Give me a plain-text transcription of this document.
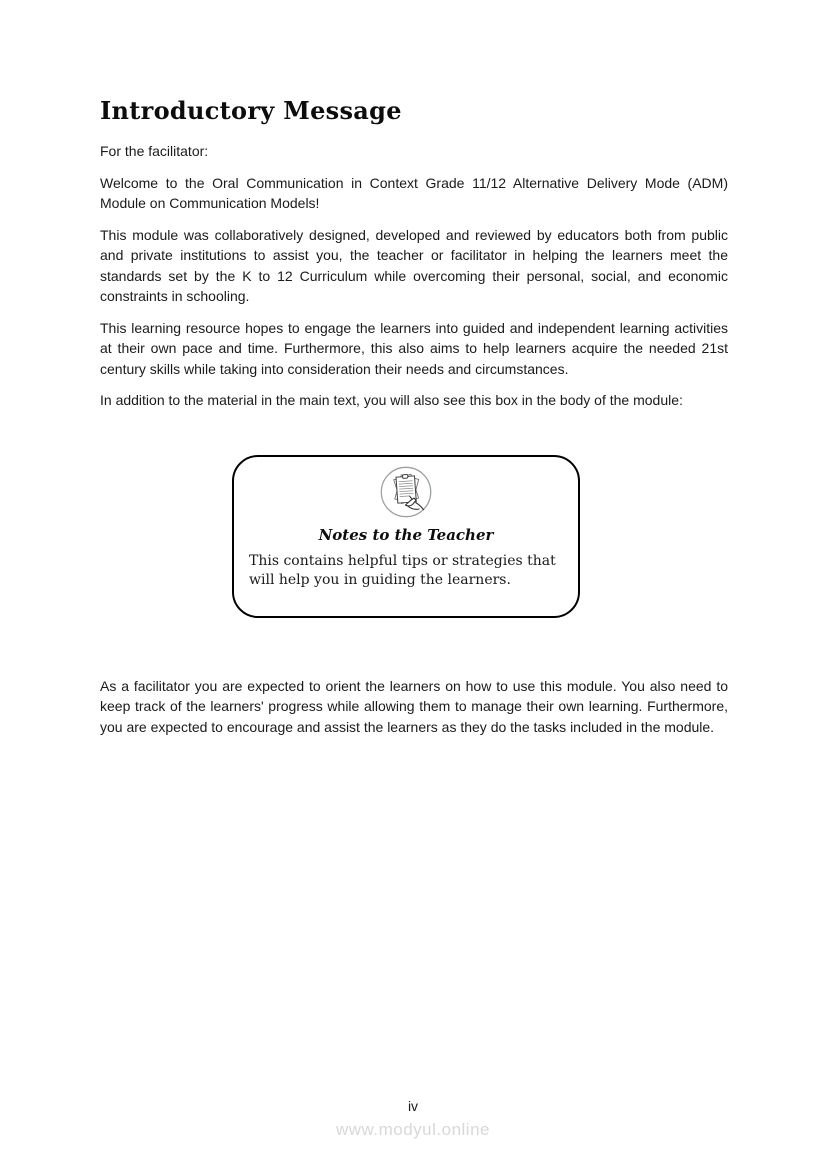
Introductory Message

For the facilitator:

Welcome to the Oral Communication in Context Grade 11/12 Alternative Delivery Mode (ADM) Module on Communication Models!

This module was collaboratively designed, developed and reviewed by educators both from public and private institutions to assist you, the teacher or facilitator in helping the learners meet the standards set by the K to 12 Curriculum while overcoming their personal, social, and economic constraints in schooling.

This learning resource hopes to engage the learners into guided and independent learning activities at their own pace and time. Furthermore, this also aims to help learners acquire the needed 21st century skills while taking into consideration their needs and circumstances.

In addition to the material in the main text, you will also see this box in the body of the module:

Notes to the Teacher
This contains helpful tips or strategies that
will help you in guiding the learners.

As a facilitator you are expected to orient the learners on how to use this module. You also need to keep track of the learners' progress while allowing them to manage their own learning. Furthermore, you are expected to encourage and assist the learners as they do the tasks included in the module.

iv
www.modyul.online
